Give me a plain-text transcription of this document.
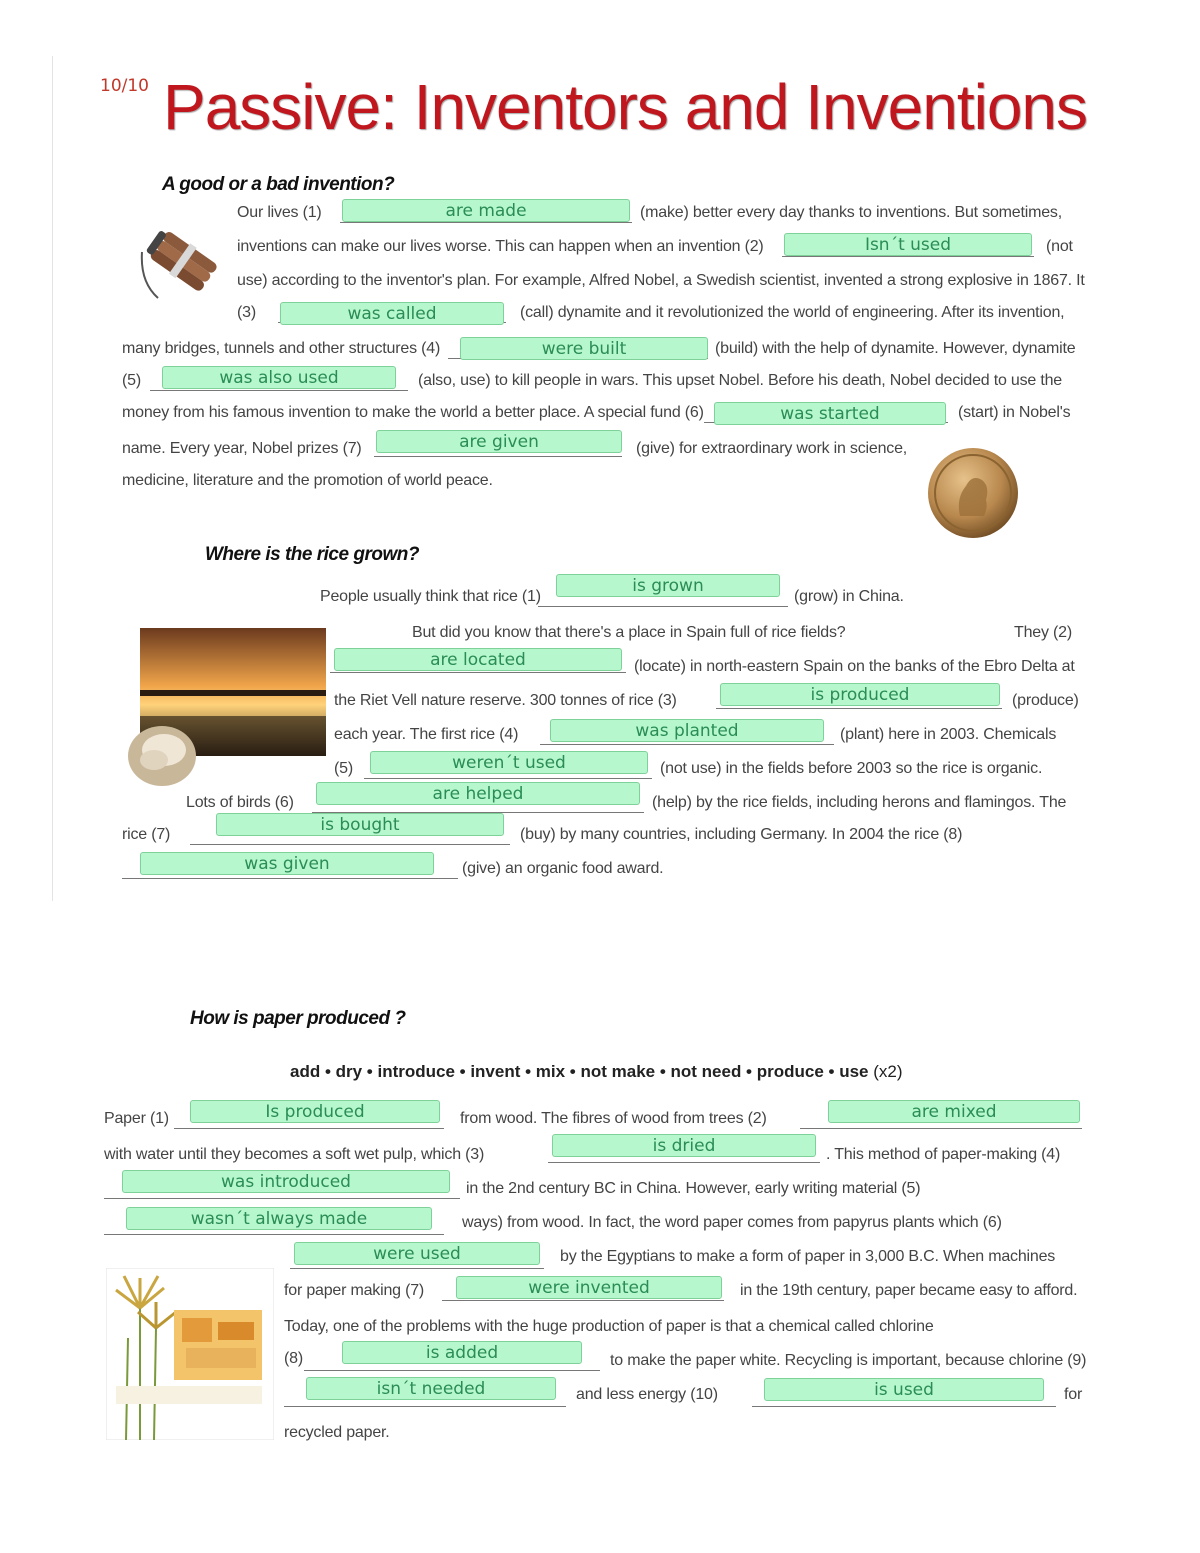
10/10 Passive: Inventors and Inventions
A good or a bad invention?
Our lives (1)	are made	(make) better every day thanks to inventions. But sometimes,
inventions can make our lives worse. This can happen when an invention (2)	Isn´t used	(not
use) according to the inventor's plan. For example, Alfred Nobel, a Swedish scientist, invented a strong explosive in 1867. It
(3)	was called	(call) dynamite and it revolutionized the world of engineering. After its invention,
many bridges, tunnels and other structures (4)	were built	(build) with the help of dynamite. However, dynamite
(5)	was also used	(also, use) to kill people in wars. This upset Nobel. Before his death, Nobel decided to use the
money from his famous invention to make the world a better place. A special fund (6)	was started	(start) in Nobel's
name. Every year, Nobel prizes (7)	are given	(give) for extraordinary work in science,
medicine, literature and the promotion of world peace.
Where is the rice grown?
People usually think that rice (1)
is grown
(grow) in China.
But did you know that there's a place in Spain full of rice fields?	They (2)
are located	(locate) in north-eastern Spain on the banks of the Ebro Delta at
the Riet Vell nature reserve. 300 tonnes of rice (3)	is produced	(produce)
each year. The first rice (4)	was planted	(plant) here in 2003. Chemicals
(5)	weren´t used	(not use) in the fields before 2003 so the rice is organic.
Lots of birds (6)	are helped	(help) by the rice fields, including herons and flamingos. The
rice (7)	is bought	(buy) by many countries, including Germany. In 2004 the rice (8)
was given	(give) an organic food award.
How is paper produced ?
add • dry • introduce • invent • mix • not make • not need • produce • use (x2)
Paper (1)	Is produced	from wood. The fibres of wood from trees (2)	are mixed
with water until they becomes a soft wet pulp, which (3)	is dried	. This method of paper-making (4)
was introduced	in the 2nd century BC in China. However, early writing material (5)
wasn´t always made	ways) from wood. In fact, the word paper comes from papyrus plants which (6)
were used	by the Egyptians to make a form of paper in 3,000 B.C. When machines
for paper making (7)	were invented	in the 19th century, paper became easy to afford.
Today, one of the problems with the huge production of paper is that a chemical called chlorine
(8)	is added	to make the paper white. Recycling is important, because chlorine (9)
isn´t needed	and less energy (10)	is used	for
recycled paper.
